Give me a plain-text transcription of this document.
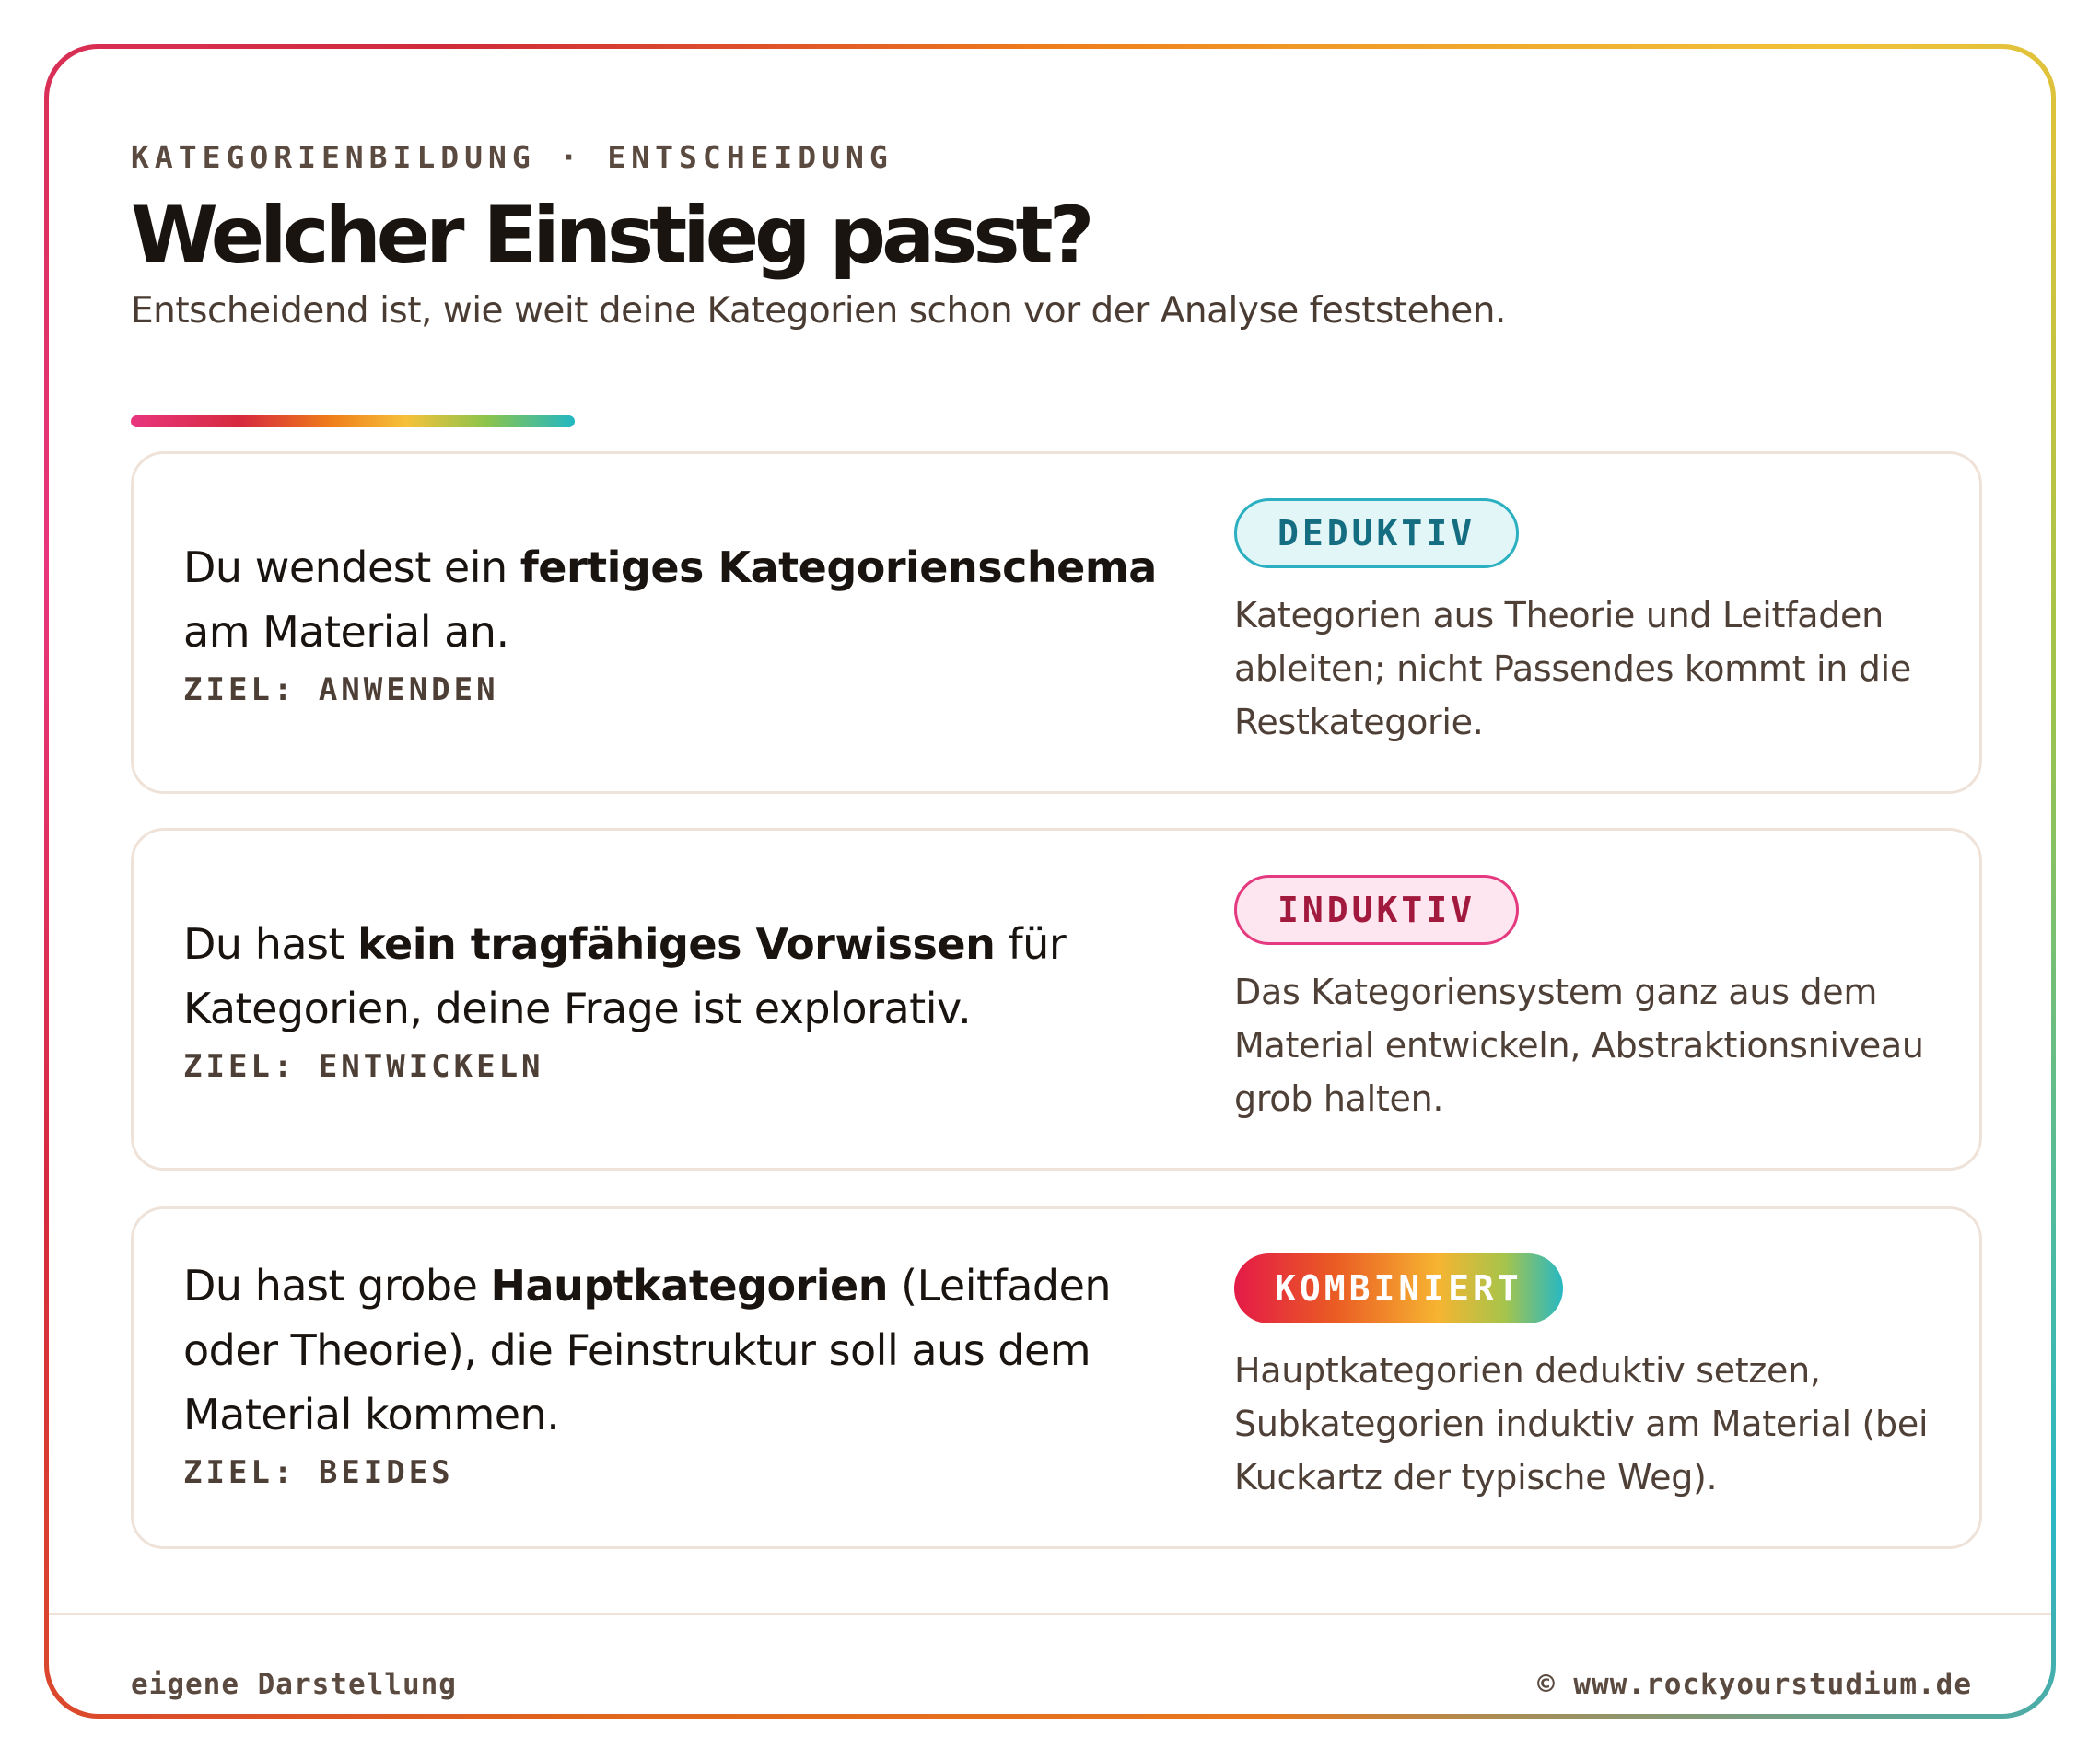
KATEGORIENBILDUNG · ENTSCHEIDUNG
Welcher Einstieg passt?
Entscheidend ist, wie weit deine Kategorien schon vor der Analyse feststehen.
Du wendest ein fertiges Kategorienschema am Material an.
ZIEL: ANWENDEN
DEDUKTIV
Kategorien aus Theorie und Leitfaden ableiten; nicht Passendes kommt in die Restkategorie.
Du hast kein tragfähiges Vorwissen für Kategorien, deine Frage ist explorativ.
ZIEL: ENTWICKELN
INDUKTIV
Das Kategoriensystem ganz aus dem Material entwickeln, Abstraktionsniveau grob halten.
Du hast grobe Hauptkategorien (Leitfaden oder Theorie), die Feinstruktur soll aus dem Material kommen.
ZIEL: BEIDES
KOMBINIERT
Hauptkategorien deduktiv setzen, Subkategorien induktiv am Material (bei Kuckartz der typische Weg).
eigene Darstellung	© www.rockyourstudium.de
